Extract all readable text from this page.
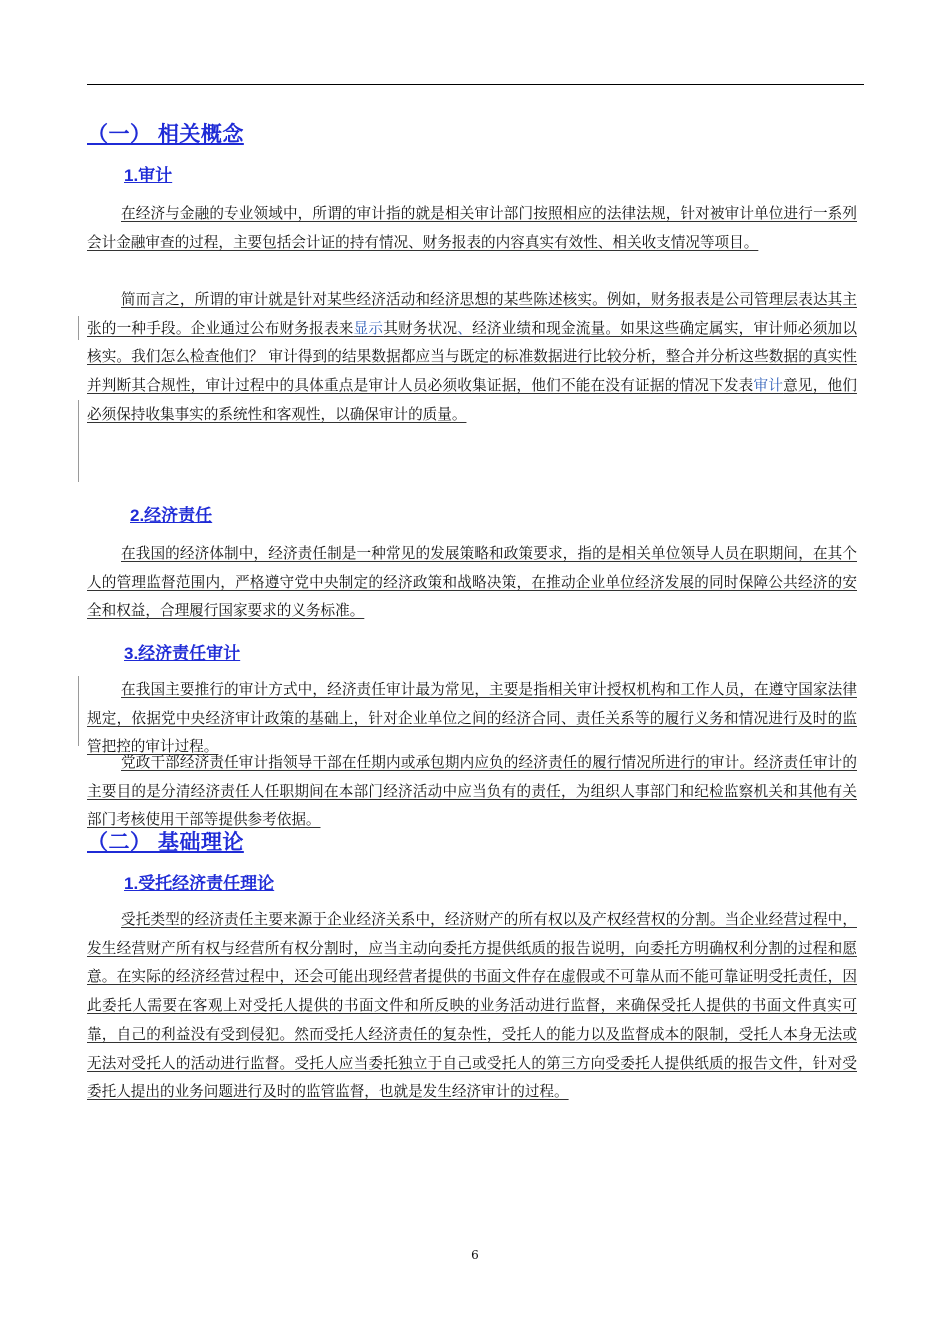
（一） 相关概念
1.审计

在经济与金融的专业领域中，所谓的审计指的就是相关审计部门按照相应的法律法规，针对被审计单位进行一系列会计金融审查的过程，主要包括会计证的持有情况、财务报表的内容真实有效性、相关收支情况等项目。

简而言之，所谓的审计就是针对某些经济活动和经济思想的某些陈述核实。例如，财务报表是公司管理层表达其主张的一种手段。企业通过公布财务报表来显示其财务状况、经济业绩和现金流量。如果这些确定属实，审计师必须加以核实。我们怎么检查他们？ 审计得到的结果数据都应当与既定的标准数据进行比较分析，整合并分析这些数据的真实性并判断其合规性，审计过程中的具体重点是审计人员必须收集证据，他们不能在没有证据的情况下发表审计意见，他们必须保持收集事实的系统性和客观性，以确保审计的质量。

2.经济责任

在我国的经济体制中，经济责任制是一种常见的发展策略和政策要求，指的是相关单位领导人员在职期间，在其个人的管理监督范围内，严格遵守党中央制定的经济政策和战略决策，在推动企业单位经济发展的同时保障公共经济的安全和权益，合理履行国家要求的义务标准。

3.经济责任审计

在我国主要推行的审计方式中，经济责任审计最为常见，主要是指相关审计授权机构和工作人员，在遵守国家法律规定，依据党中央经济审计政策的基础上，针对企业单位之间的经济合同、责任关系等的履行义务和情况进行及时的监管把控的审计过程。

党政干部经济责任审计指领导干部在任期内或承包期内应负的经济责任的履行情况所进行的审计。经济责任审计的主要目的是分清经济责任人任职期间在本部门经济活动中应当负有的责任，为组织人事部门和纪检监察机关和其他有关部门考核使用干部等提供参考依据。

（二） 基础理论
1.受托经济责任理论

受托类型的经济责任主要来源于企业经济关系中，经济财产的所有权以及产权经营权的分割。当企业经营过程中，发生经营财产所有权与经营所有权分割时，应当主动向委托方提供纸质的报告说明，向委托方明确权利分割的过程和愿意。在实际的经济经营过程中，还会可能出现经营者提供的书面文件存在虚假或不可靠从而不能可靠证明受托责任，因此委托人需要在客观上对受托人提供的书面文件和所反映的业务活动进行监督，来确保受托人提供的书面文件真实可靠，自己的利益没有受到侵犯。然而受托人经济责任的复杂性，受托人的能力以及监督成本的限制，受托人本身无法或无法对受托人的活动进行监督。受托人应当委托独立于自己或受托人的第三方向受委托人提供纸质的报告文件，针对受委托人提出的业务问题进行及时的监管监督，也就是发生经济审计的过程。

6
